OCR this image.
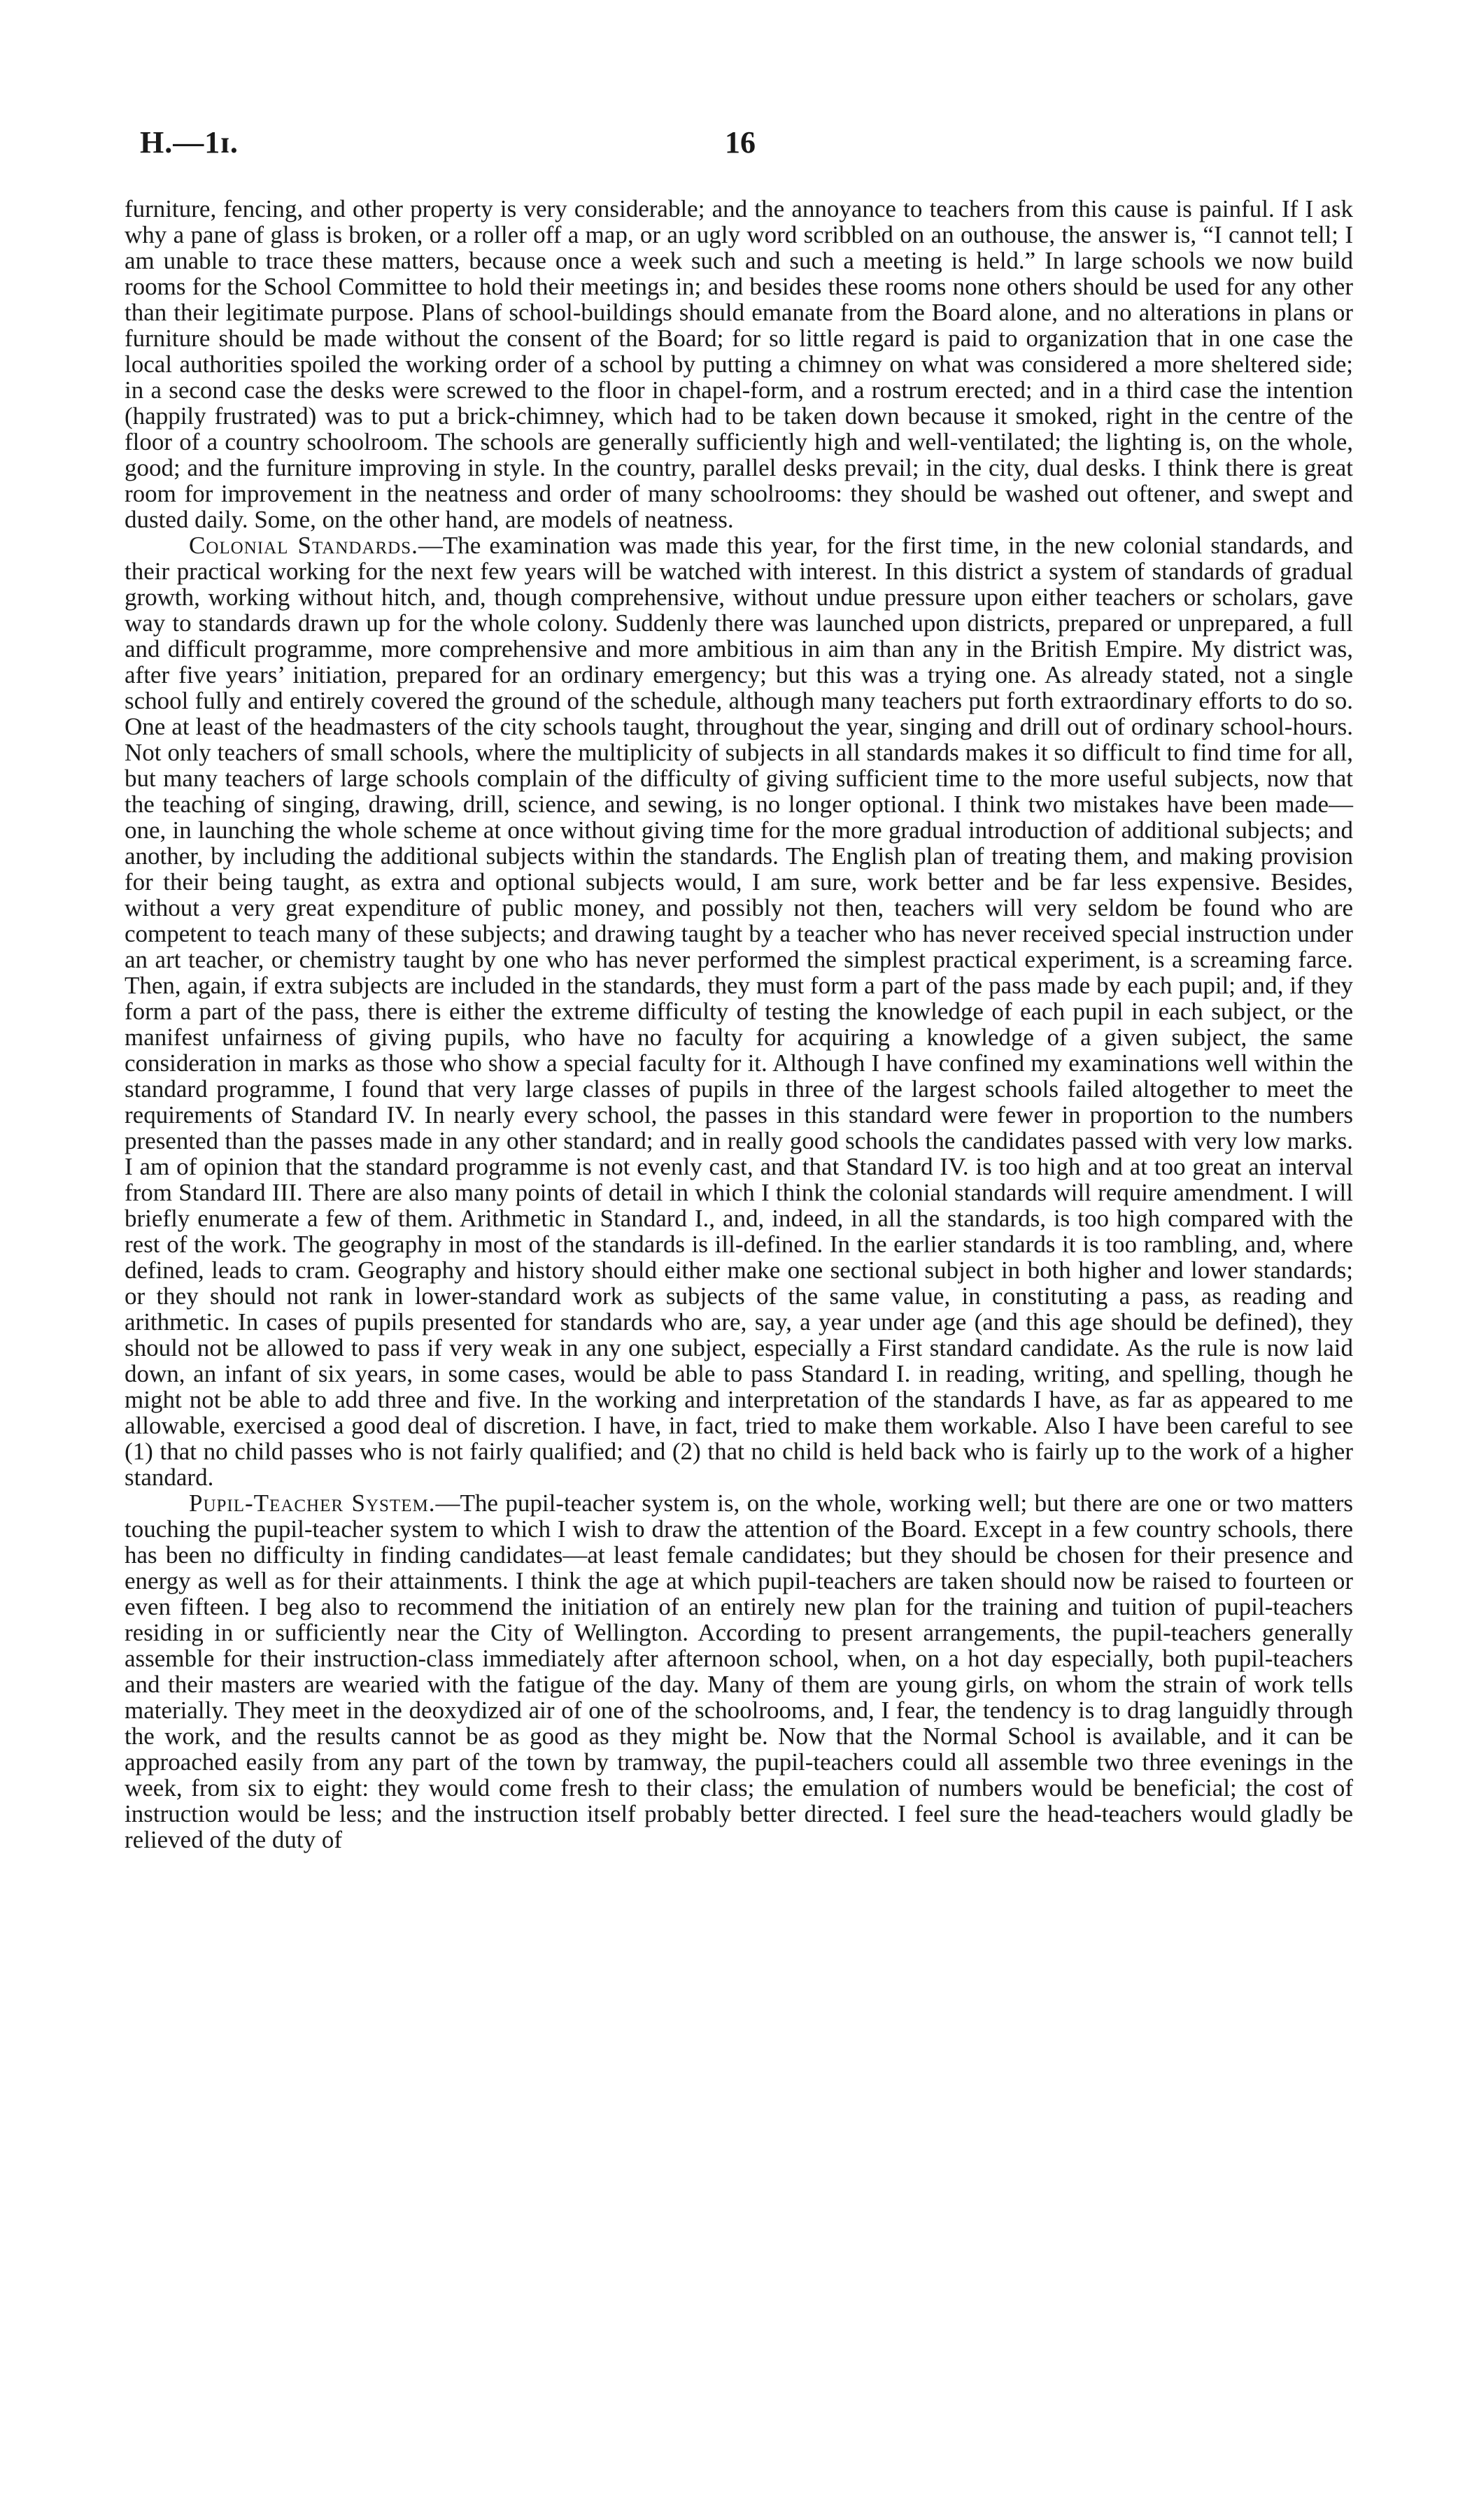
H.—1ɪ.	16

furniture, fencing, and other property is very considerable; and the annoyance to teachers from this cause is painful. If I ask why a pane of glass is broken, or a roller off a map, or an ugly word scribbled on an outhouse, the answer is, “I cannot tell; I am unable to trace these matters, because once a week such and such a meeting is held.” In large schools we now build rooms for the School Committee to hold their meetings in; and besides these rooms none others should be used for any other than their legitimate purpose. Plans of school-buildings should emanate from the Board alone, and no alterations in plans or furniture should be made without the consent of the Board; for so little regard is paid to organization that in one case the local authorities spoiled the working order of a school by putting a chimney on what was considered a more sheltered side; in a second case the desks were screwed to the floor in chapel-form, and a rostrum erected; and in a third case the intention (happily frustrated) was to put a brick-chimney, which had to be taken down because it smoked, right in the centre of the floor of a country schoolroom. The schools are generally sufficiently high and well-ventilated; the lighting is, on the whole, good; and the furniture improving in style. In the country, parallel desks prevail; in the city, dual desks. I think there is great room for improvement in the neatness and order of many schoolrooms: they should be washed out oftener, and swept and dusted daily. Some, on the other hand, are models of neatness.

Colonial Standards.—The examination was made this year, for the first time, in the new colonial standards, and their practical working for the next few years will be watched with interest. In this district a system of standards of gradual growth, working without hitch, and, though comprehensive, without undue pressure upon either teachers or scholars, gave way to standards drawn up for the whole colony. Suddenly there was launched upon districts, prepared or unprepared, a full and difficult programme, more comprehensive and more ambitious in aim than any in the British Empire. My district was, after five years’ initiation, prepared for an ordinary emergency; but this was a trying one. As already stated, not a single school fully and entirely covered the ground of the schedule, although many teachers put forth extraordinary efforts to do so. One at least of the headmasters of the city schools taught, throughout the year, singing and drill out of ordinary school-hours. Not only teachers of small schools, where the multiplicity of subjects in all standards makes it so difficult to find time for all, but many teachers of large schools complain of the difficulty of giving sufficient time to the more useful subjects, now that the teaching of singing, drawing, drill, science, and sewing, is no longer optional. I think two mistakes have been made—one, in launching the whole scheme at once without giving time for the more gradual introduction of additional subjects; and another, by including the additional subjects within the standards. The English plan of treating them, and making provision for their being taught, as extra and optional subjects would, I am sure, work better and be far less expensive. Besides, without a very great expenditure of public money, and possibly not then, teachers will very seldom be found who are competent to teach many of these subjects; and drawing taught by a teacher who has never received special instruction under an art teacher, or chemistry taught by one who has never performed the simplest practical experiment, is a screaming farce. Then, again, if extra subjects are included in the standards, they must form a part of the pass made by each pupil; and, if they form a part of the pass, there is either the extreme difficulty of testing the knowledge of each pupil in each subject, or the manifest unfairness of giving pupils, who have no faculty for acquiring a knowledge of a given subject, the same consideration in marks as those who show a special faculty for it. Although I have confined my examinations well within the standard programme, I found that very large classes of pupils in three of the largest schools failed altogether to meet the requirements of Standard IV. In nearly every school, the passes in this standard were fewer in proportion to the numbers presented than the passes made in any other standard; and in really good schools the candidates passed with very low marks. I am of opinion that the standard programme is not evenly cast, and that Standard IV. is too high and at too great an interval from Standard III. There are also many points of detail in which I think the colonial standards will require amendment. I will briefly enumerate a few of them. Arithmetic in Standard I., and, indeed, in all the standards, is too high compared with the rest of the work. The geography in most of the standards is ill-defined. In the earlier standards it is too rambling, and, where defined, leads to cram. Geography and history should either make one sectional subject in both higher and lower standards; or they should not rank in lower-standard work as subjects of the same value, in constituting a pass, as reading and arithmetic. In cases of pupils presented for standards who are, say, a year under age (and this age should be defined), they should not be allowed to pass if very weak in any one subject, especially a First standard candidate. As the rule is now laid down, an infant of six years, in some cases, would be able to pass Standard I. in reading, writing, and spelling, though he might not be able to add three and five. In the working and interpretation of the standards I have, as far as appeared to me allowable, exercised a good deal of discretion. I have, in fact, tried to make them workable. Also I have been careful to see (1) that no child passes who is not fairly qualified; and (2) that no child is held back who is fairly up to the work of a higher standard.

Pupil-Teacher System.—The pupil-teacher system is, on the whole, working well; but there are one or two matters touching the pupil-teacher system to which I wish to draw the attention of the Board. Except in a few country schools, there has been no difficulty in finding candidates—at least female candidates; but they should be chosen for their presence and energy as well as for their attainments. I think the age at which pupil-teachers are taken should now be raised to fourteen or even fifteen. I beg also to recommend the initiation of an entirely new plan for the training and tuition of pupil-teachers residing in or sufficiently near the City of Wellington. According to present arrangements, the pupil-teachers generally assemble for their instruction-class immediately after afternoon school, when, on a hot day especially, both pupil-teachers and their masters are wearied with the fatigue of the day. Many of them are young girls, on whom the strain of work tells materially. They meet in the deoxydized air of one of the schoolrooms, and, I fear, the tendency is to drag languidly through the work, and the results cannot be as good as they might be. Now that the Normal School is available, and it can be approached easily from any part of the town by tramway, the pupil-teachers could all assemble two three evenings in the week, from six to eight: they would come fresh to their class; the emulation of numbers would be beneficial; the cost of instruction would be less; and the instruction itself probably better directed. I feel sure the head-teachers would gladly be relieved of the duty of
